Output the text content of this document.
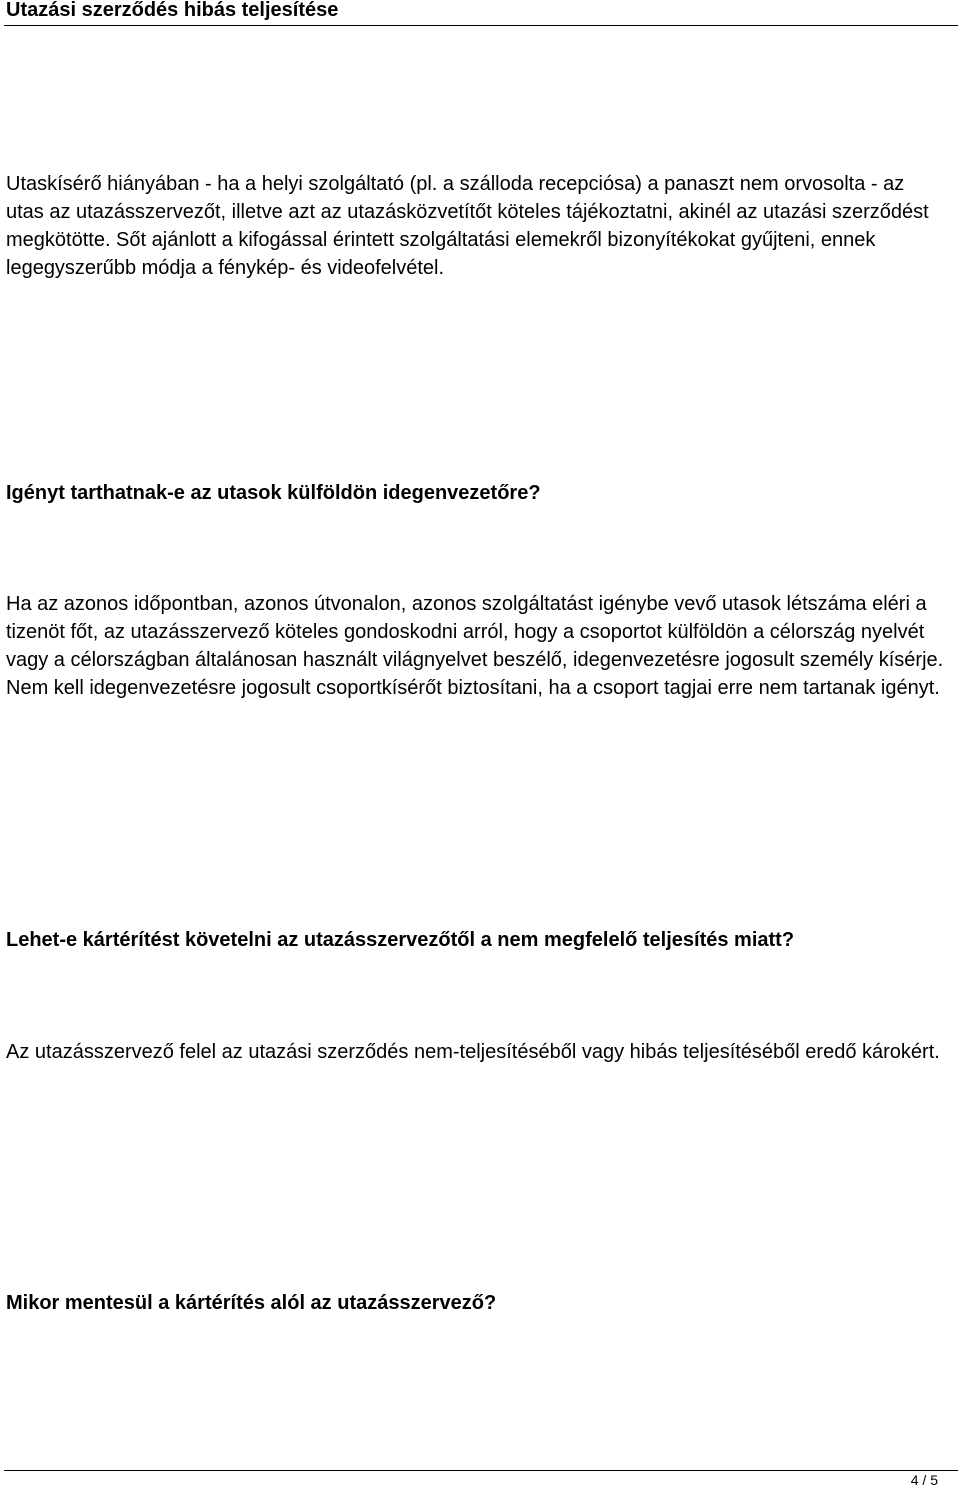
Utazási szerződés hibás teljesítése

Utaskísérő hiányában - ha a helyi szolgáltató (pl. a szálloda recepciósa) a panaszt nem orvosolta - az utas az utazásszervezőt, illetve azt az utazásközvetítőt köteles tájékoztatni, akinél az utazási szerződést megkötötte. Sőt ajánlott a kifogással érintett szolgáltatási elemekről bizonyítékokat gyűjteni, ennek legegyszerűbb módja a fénykép- és videofelvétel.

Igényt tarthatnak-e az utasok külföldön idegenvezetőre?

Ha az azonos időpontban, azonos útvonalon, azonos szolgáltatást igénybe vevő utasok létszáma eléri a tizenöt főt, az utazásszervező köteles gondoskodni arról, hogy a csoportot külföldön a célország nyelvét vagy a célországban általánosan használt világnyelvet beszélő, idegenvezetésre jogosult személy kísérje. Nem kell idegenvezetésre jogosult csoportkísérőt biztosítani, ha a csoport tagjai erre nem tartanak igényt.

Lehet-e kártérítést követelni az utazásszervezőtől a nem megfelelő teljesítés miatt?

Az utazásszervező felel az utazási szerződés nem-teljesítéséből vagy hibás teljesítéséből eredő károkért.

Mikor mentesül a kártérítés alól az utazásszervező?

4 / 5
